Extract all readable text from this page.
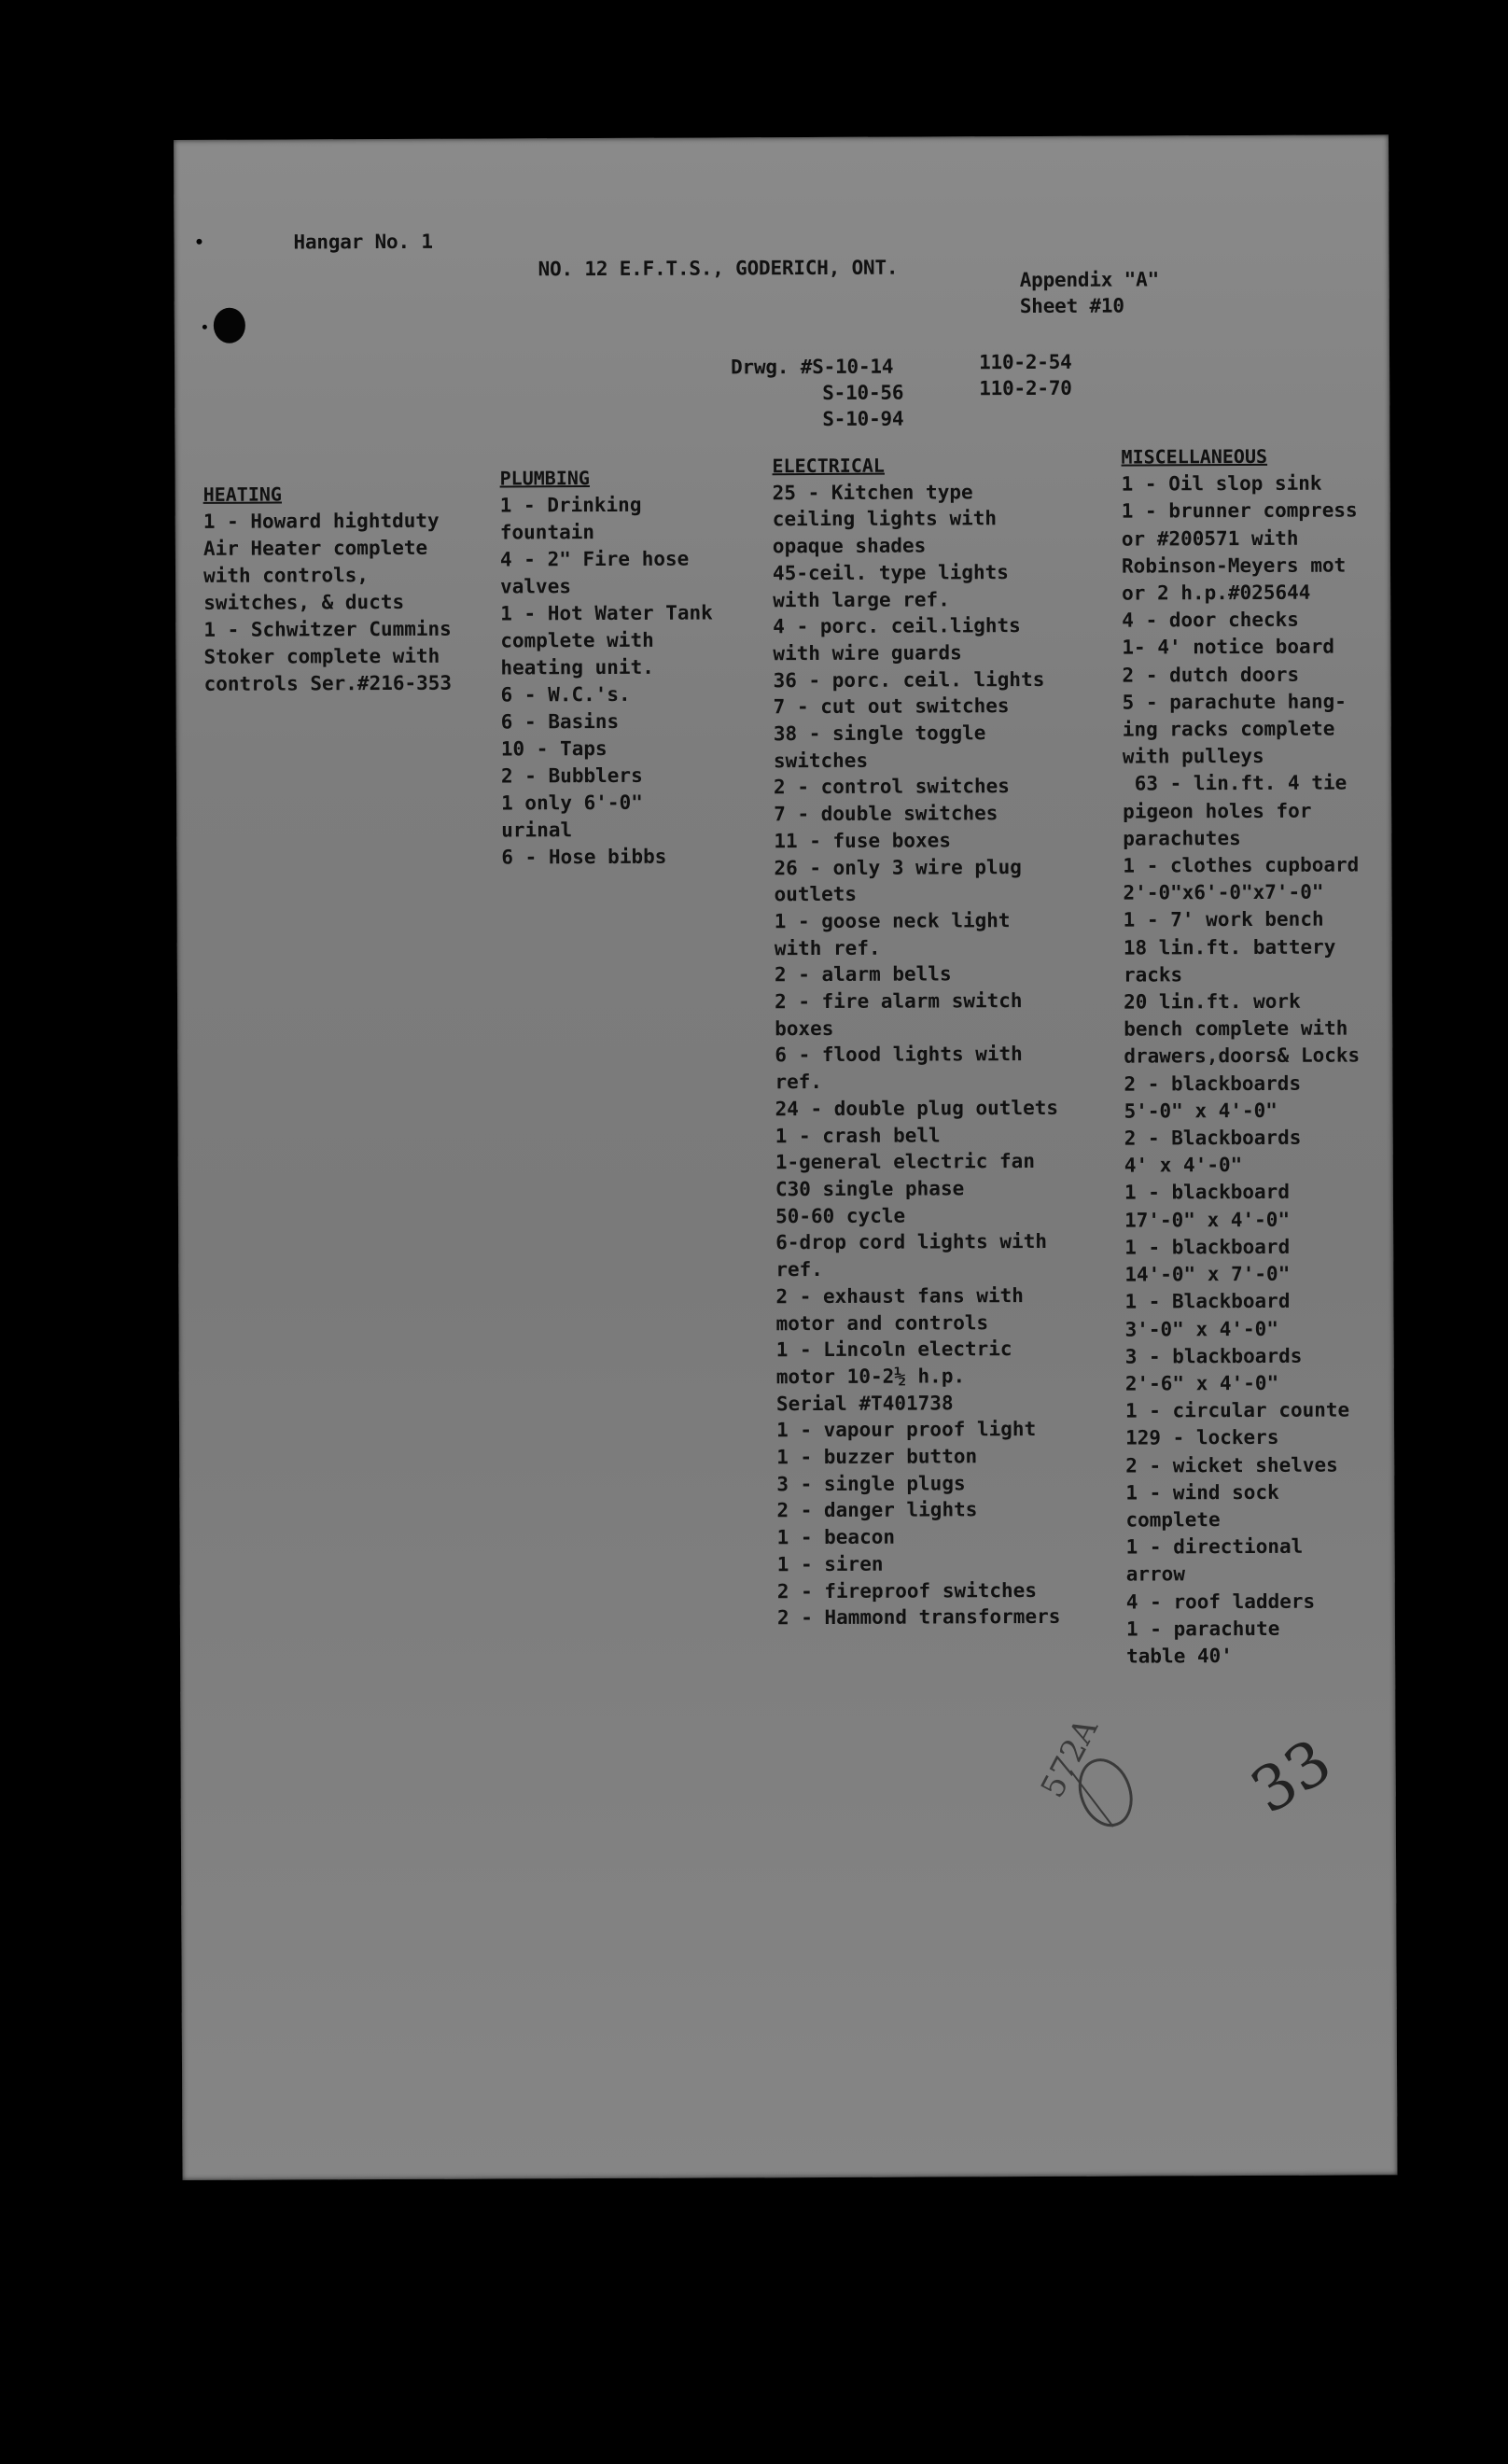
Hangar No. 1
NO. 12 E.F.T.S., GODERICH, ONT.	Appendix "A"
Sheet #10
Drwg. #S-10-14
S-10-56
S-10-94
110-2-54
110-2-70
HEATING
1 - Howard hightduty
Air Heater complete
with controls,
switches, & ducts
1 - Schwitzer Cummins
Stoker complete with
controls Ser.#216-353
PLUMBING
1 - Drinking
fountain
4 - 2" Fire hose
valves
1 - Hot Water Tank
complete with
heating unit.
6 - W.C.'s.
6 - Basins
10 - Taps
2 - Bubblers
1 only 6'-0"
urinal
6 - Hose bibbs
ELECTRICAL
25 - Kitchen type
ceiling lights with
opaque shades
45-ceil. type lights
with large ref.
4 - porc. ceil.lights
with wire guards
36 - porc. ceil. lights
7 - cut out switches
38 - single toggle
switches
2 - control switches
7 - double switches
11 - fuse boxes
26 - only 3 wire plug
outlets
1 - goose neck light
with ref.
2 - alarm bells
2 - fire alarm switch
boxes
6 - flood lights with
ref.
24 - double plug outlets
1 - crash bell
1-general electric fan
C30 single phase
50-60 cycle
6-drop cord lights with
ref.
2 - exhaust fans with
motor and controls
1 - Lincoln electric
motor 10-2½ h.p.
Serial #T401738
1 - vapour proof light
1 - buzzer button
3 - single plugs
2 - danger lights
1 - beacon
1 - siren
2 - fireproof switches
2 - Hammond transformers
MISCELLANEOUS
1 - Oil slop sink
1 - brunner compress
or #200571 with
Robinson-Meyers mot
or 2 h.p.#025644
4 - door checks
1- 4' notice board
2 - dutch doors
5 - parachute hang-
ing racks complete
with pulleys
63 - lin.ft. 4 tie
pigeon holes for
parachutes
1 - clothes cupboard
2'-0"x6'-0"x7'-0"
1 - 7' work bench
18 lin.ft. battery
racks
20 lin.ft. work
bench complete with
drawers,doors& Locks
2 - blackboards
5'-0" x 4'-0"
2 - Blackboards
4' x 4'-0"
1 - blackboard
17'-0" x 4'-0"
1 - blackboard
14'-0" x 7'-0"
1 - Blackboard
3'-0" x 4'-0"
3 - blackboards
2'-6" x 4'-0"
1 - circular counte
129 - lockers
2 - wicket shelves
1 - wind sock
complete
1 - directional
arrow
4 - roof ladders
1 - parachute
table 40'
572A 33
